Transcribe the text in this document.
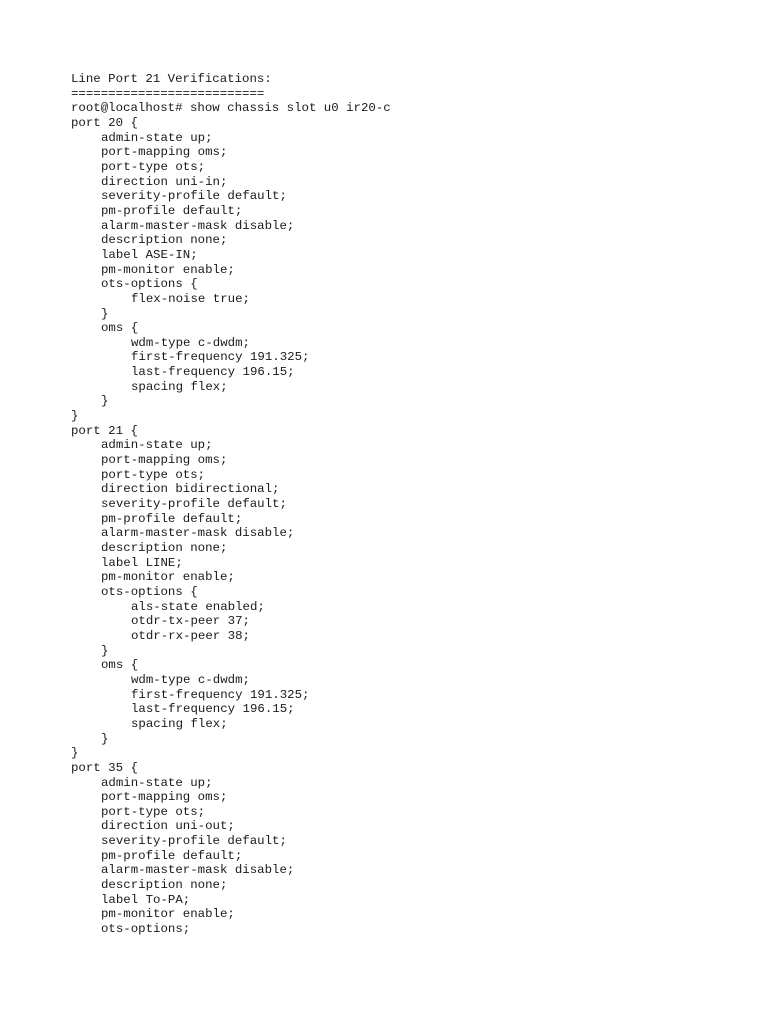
Line Port 21 Verifications:
==========================
root@localhost# show chassis slot u0 ir20-c
port 20 {
admin-state up;
port-mapping oms;
port-type ots;
direction uni-in;
severity-profile default;
pm-profile default;
alarm-master-mask disable;
description none;
label ASE-IN;
pm-monitor enable;
ots-options {
flex-noise true;
}
oms {
wdm-type c-dwdm;
first-frequency 191.325;
last-frequency 196.15;
spacing flex;
}
}
port 21 {
admin-state up;
port-mapping oms;
port-type ots;
direction bidirectional;
severity-profile default;
pm-profile default;
alarm-master-mask disable;
description none;
label LINE;
pm-monitor enable;
ots-options {
als-state enabled;
otdr-tx-peer 37;
otdr-rx-peer 38;
}
oms {
wdm-type c-dwdm;
first-frequency 191.325;
last-frequency 196.15;
spacing flex;
}
}
port 35 {
admin-state up;
port-mapping oms;
port-type ots;
direction uni-out;
severity-profile default;
pm-profile default;
alarm-master-mask disable;
description none;
label To-PA;
pm-monitor enable;
ots-options;
